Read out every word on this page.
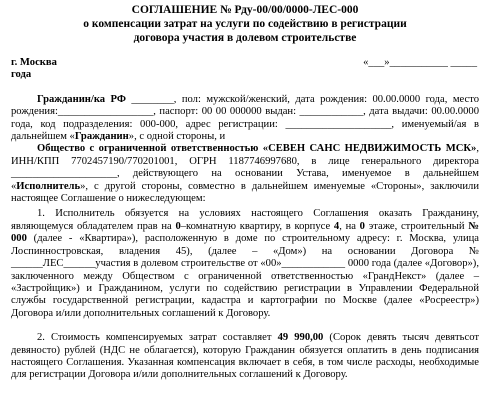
СОГЛАШЕНИЕ № Рду-00/00/0000-ЛЕС-000
о компенсации затрат на услуги по содействию в регистрации
договора участия в долевом строительстве
г. Москва	«___»___________ _____
года

Гражданин/ка РФ ________, пол: мужской/женский, дата рождения: 00.00.0000 года, место рождения:__________________, паспорт: 00 00 000000 выдан: ____________, дата выдачи: 00.00.0000 года, код подразделения: 000-000, адрес регистрации: ____________________, именуемый/ая в дальнейшем «Гражданин», с одной стороны, и

Общество с ограниченной ответственностью «СЕВЕН САНС НЕДВИЖИМОСТЬ МСК», ИНН/КПП 7702457190/770201001, ОГРН 1187746997680, в лице генерального директора ____________________, действующего на основании Устава, именуемое в дальнейшем «Исполнитель», с другой стороны, совместно в дальнейшем именуемые «Стороны», заключили настоящее Соглашение о нижеследующем:

1. Исполнитель обязуется на условиях настоящего Соглашения оказать Гражданину, являющемуся обладателем прав на 0–комнатную квартиру, в корпусе 4, на 0 этаже, строительный № 000 (далее - «Квартира»), расположенную в доме по строительному адресу: г. Москва, улица Лоспинностровская, владения 45), (далее – «Дом») на основании Договора № ______ЛЕС______участия в долевом строительстве от «00»____________ 0000 года (далее «Договор»), заключенного между Обществом с ограниченной ответственностью «ГрандНекст» (далее – «Застройщик») и Гражданином, услуги по содействию регистрации в Управлении Федеральной службы государственной регистрации, кадастра и картографии по Москве (далее «Росреестр») Договора и/или дополнительных соглашений к Договору.

2. Стоимость компенсируемых затрат составляет 49 990,00 (Сорок девять тысяч девятьсот девяносто) рублей (НДС не облагается), которую Гражданин обязуется оплатить в день подписания настоящего Соглашения. Указанная компенсация включает в себя, в том числе расходы, необходимые для регистрации Договора и/или дополнительных соглашений к Договору.
